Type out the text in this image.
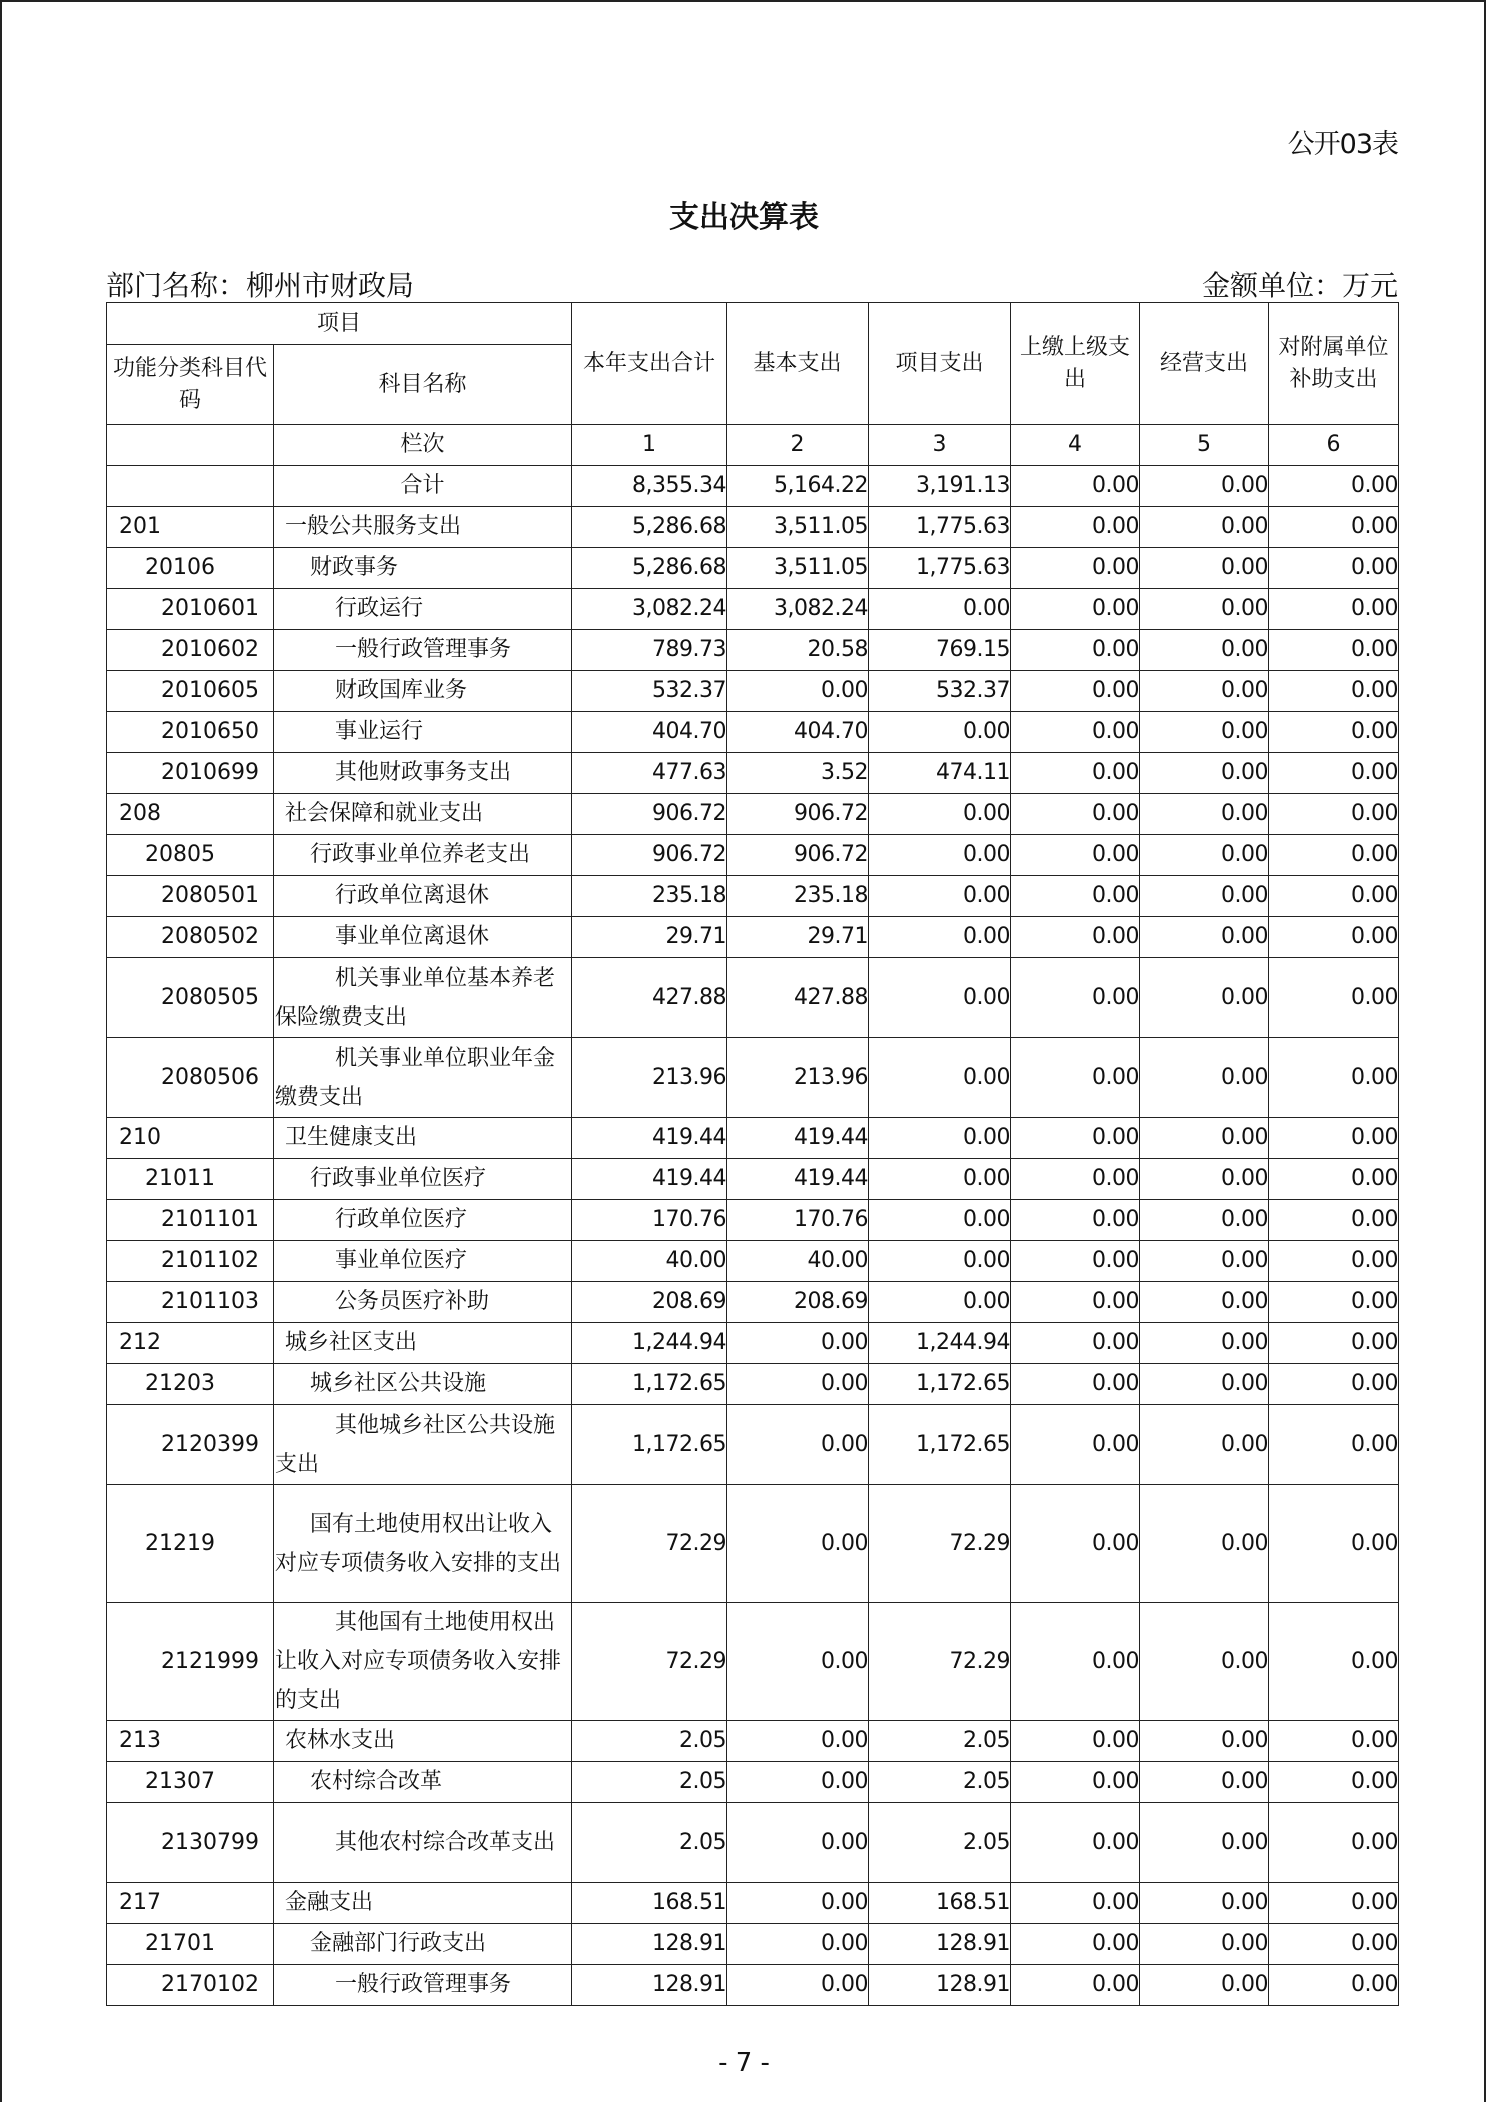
公开03表
支出决算表
部门名称：柳州市财政局	金额单位：万元
项目		本年支出合计	基本支出	项目支出	上缴上级支出	经营支出	对附属单位补助支出
功能分类科目代码	科目名称						
	栏次	1	2	3	4	5	6
	合计	8,355.34	5,164.22	3,191.13	0.00	0.00	0.00
201	一般公共服务支出	5,286.68	3,511.05	1,775.63	0.00	0.00	0.00
20106	财政事务	5,286.68	3,511.05	1,775.63	0.00	0.00	0.00
2010601	行政运行	3,082.24	3,082.24	0.00	0.00	0.00	0.00
2010602	一般行政管理事务	789.73	20.58	769.15	0.00	0.00	0.00
2010605	财政国库业务	532.37	0.00	532.37	0.00	0.00	0.00
2010650	事业运行	404.70	404.70	0.00	0.00	0.00	0.00
2010699	其他财政事务支出	477.63	3.52	474.11	0.00	0.00	0.00
208	社会保障和就业支出	906.72	906.72	0.00	0.00	0.00	0.00
20805	行政事业单位养老支出	906.72	906.72	0.00	0.00	0.00	0.00
2080501	行政单位离退休	235.18	235.18	0.00	0.00	0.00	0.00
2080502	事业单位离退休	29.71	29.71	0.00	0.00	0.00	0.00
2080505	机关事业单位基本养老保险缴费支出	427.88	427.88	0.00	0.00	0.00	0.00
2080506	机关事业单位职业年金缴费支出	213.96	213.96	0.00	0.00	0.00	0.00
210	卫生健康支出	419.44	419.44	0.00	0.00	0.00	0.00
21011	行政事业单位医疗	419.44	419.44	0.00	0.00	0.00	0.00
2101101	行政单位医疗	170.76	170.76	0.00	0.00	0.00	0.00
2101102	事业单位医疗	40.00	40.00	0.00	0.00	0.00	0.00
2101103	公务员医疗补助	208.69	208.69	0.00	0.00	0.00	0.00
212	城乡社区支出	1,244.94	0.00	1,244.94	0.00	0.00	0.00
21203	城乡社区公共设施	1,172.65	0.00	1,172.65	0.00	0.00	0.00
2120399	其他城乡社区公共设施支出	1,172.65	0.00	1,172.65	0.00	0.00	0.00
21219	国有土地使用权出让收入对应专项债务收入安排的支出	72.29	0.00	72.29	0.00	0.00	0.00
2121999	其他国有土地使用权出让收入对应专项债务收入安排的支出	72.29	0.00	72.29	0.00	0.00	0.00
213	农林水支出	2.05	0.00	2.05	0.00	0.00	0.00
21307	农村综合改革	2.05	0.00	2.05	0.00	0.00	0.00
2130799	其他农村综合改革支出	2.05	0.00	2.05	0.00	0.00	0.00
217	金融支出	168.51	0.00	168.51	0.00	0.00	0.00
21701	金融部门行政支出	128.91	0.00	128.91	0.00	0.00	0.00
2170102	一般行政管理事务	128.91	0.00	128.91	0.00	0.00	0.00
- 7 -
